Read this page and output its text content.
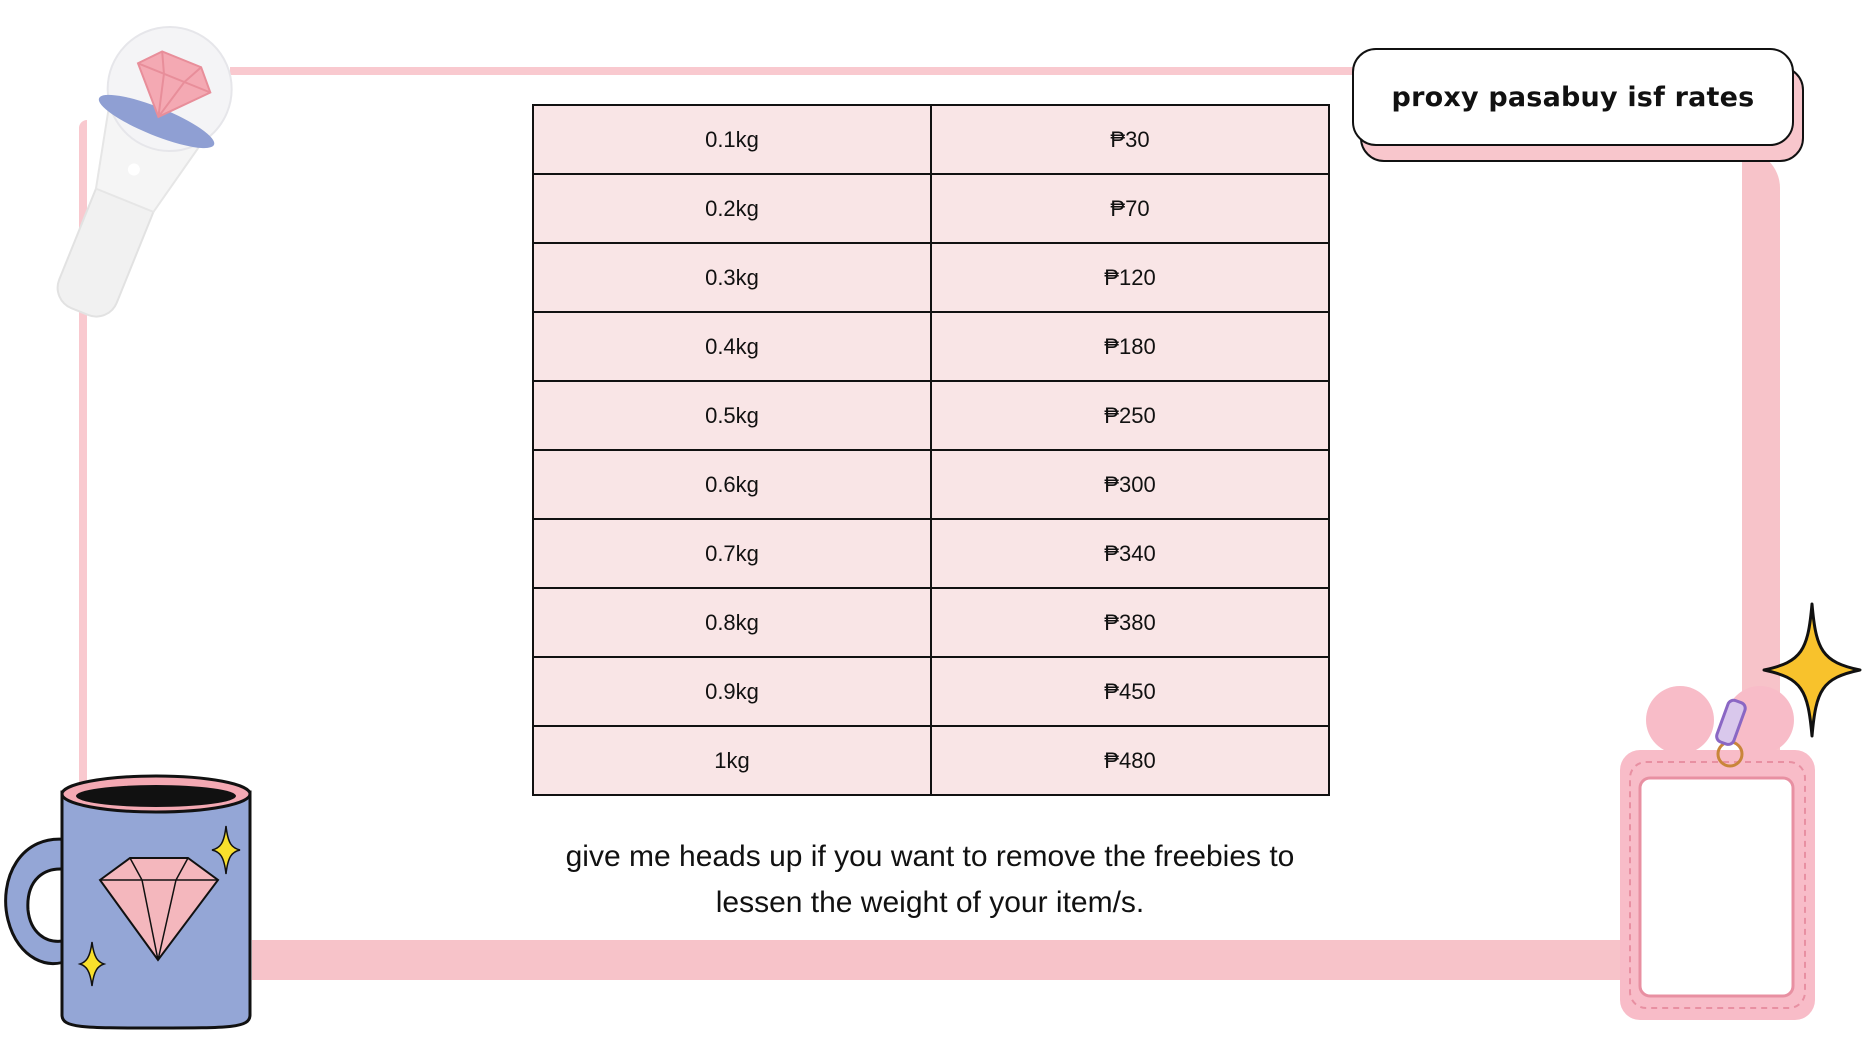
proxy pasabuy isf rates
0.1kg	₱30
0.2kg	₱70
0.3kg	₱120
0.4kg	₱180
0.5kg	₱250
0.6kg	₱300
0.7kg	₱340
0.8kg	₱380
0.9kg	₱450
1kg	₱480
give me heads up if you want to remove the freebies to
lessen the weight of your item/s.
